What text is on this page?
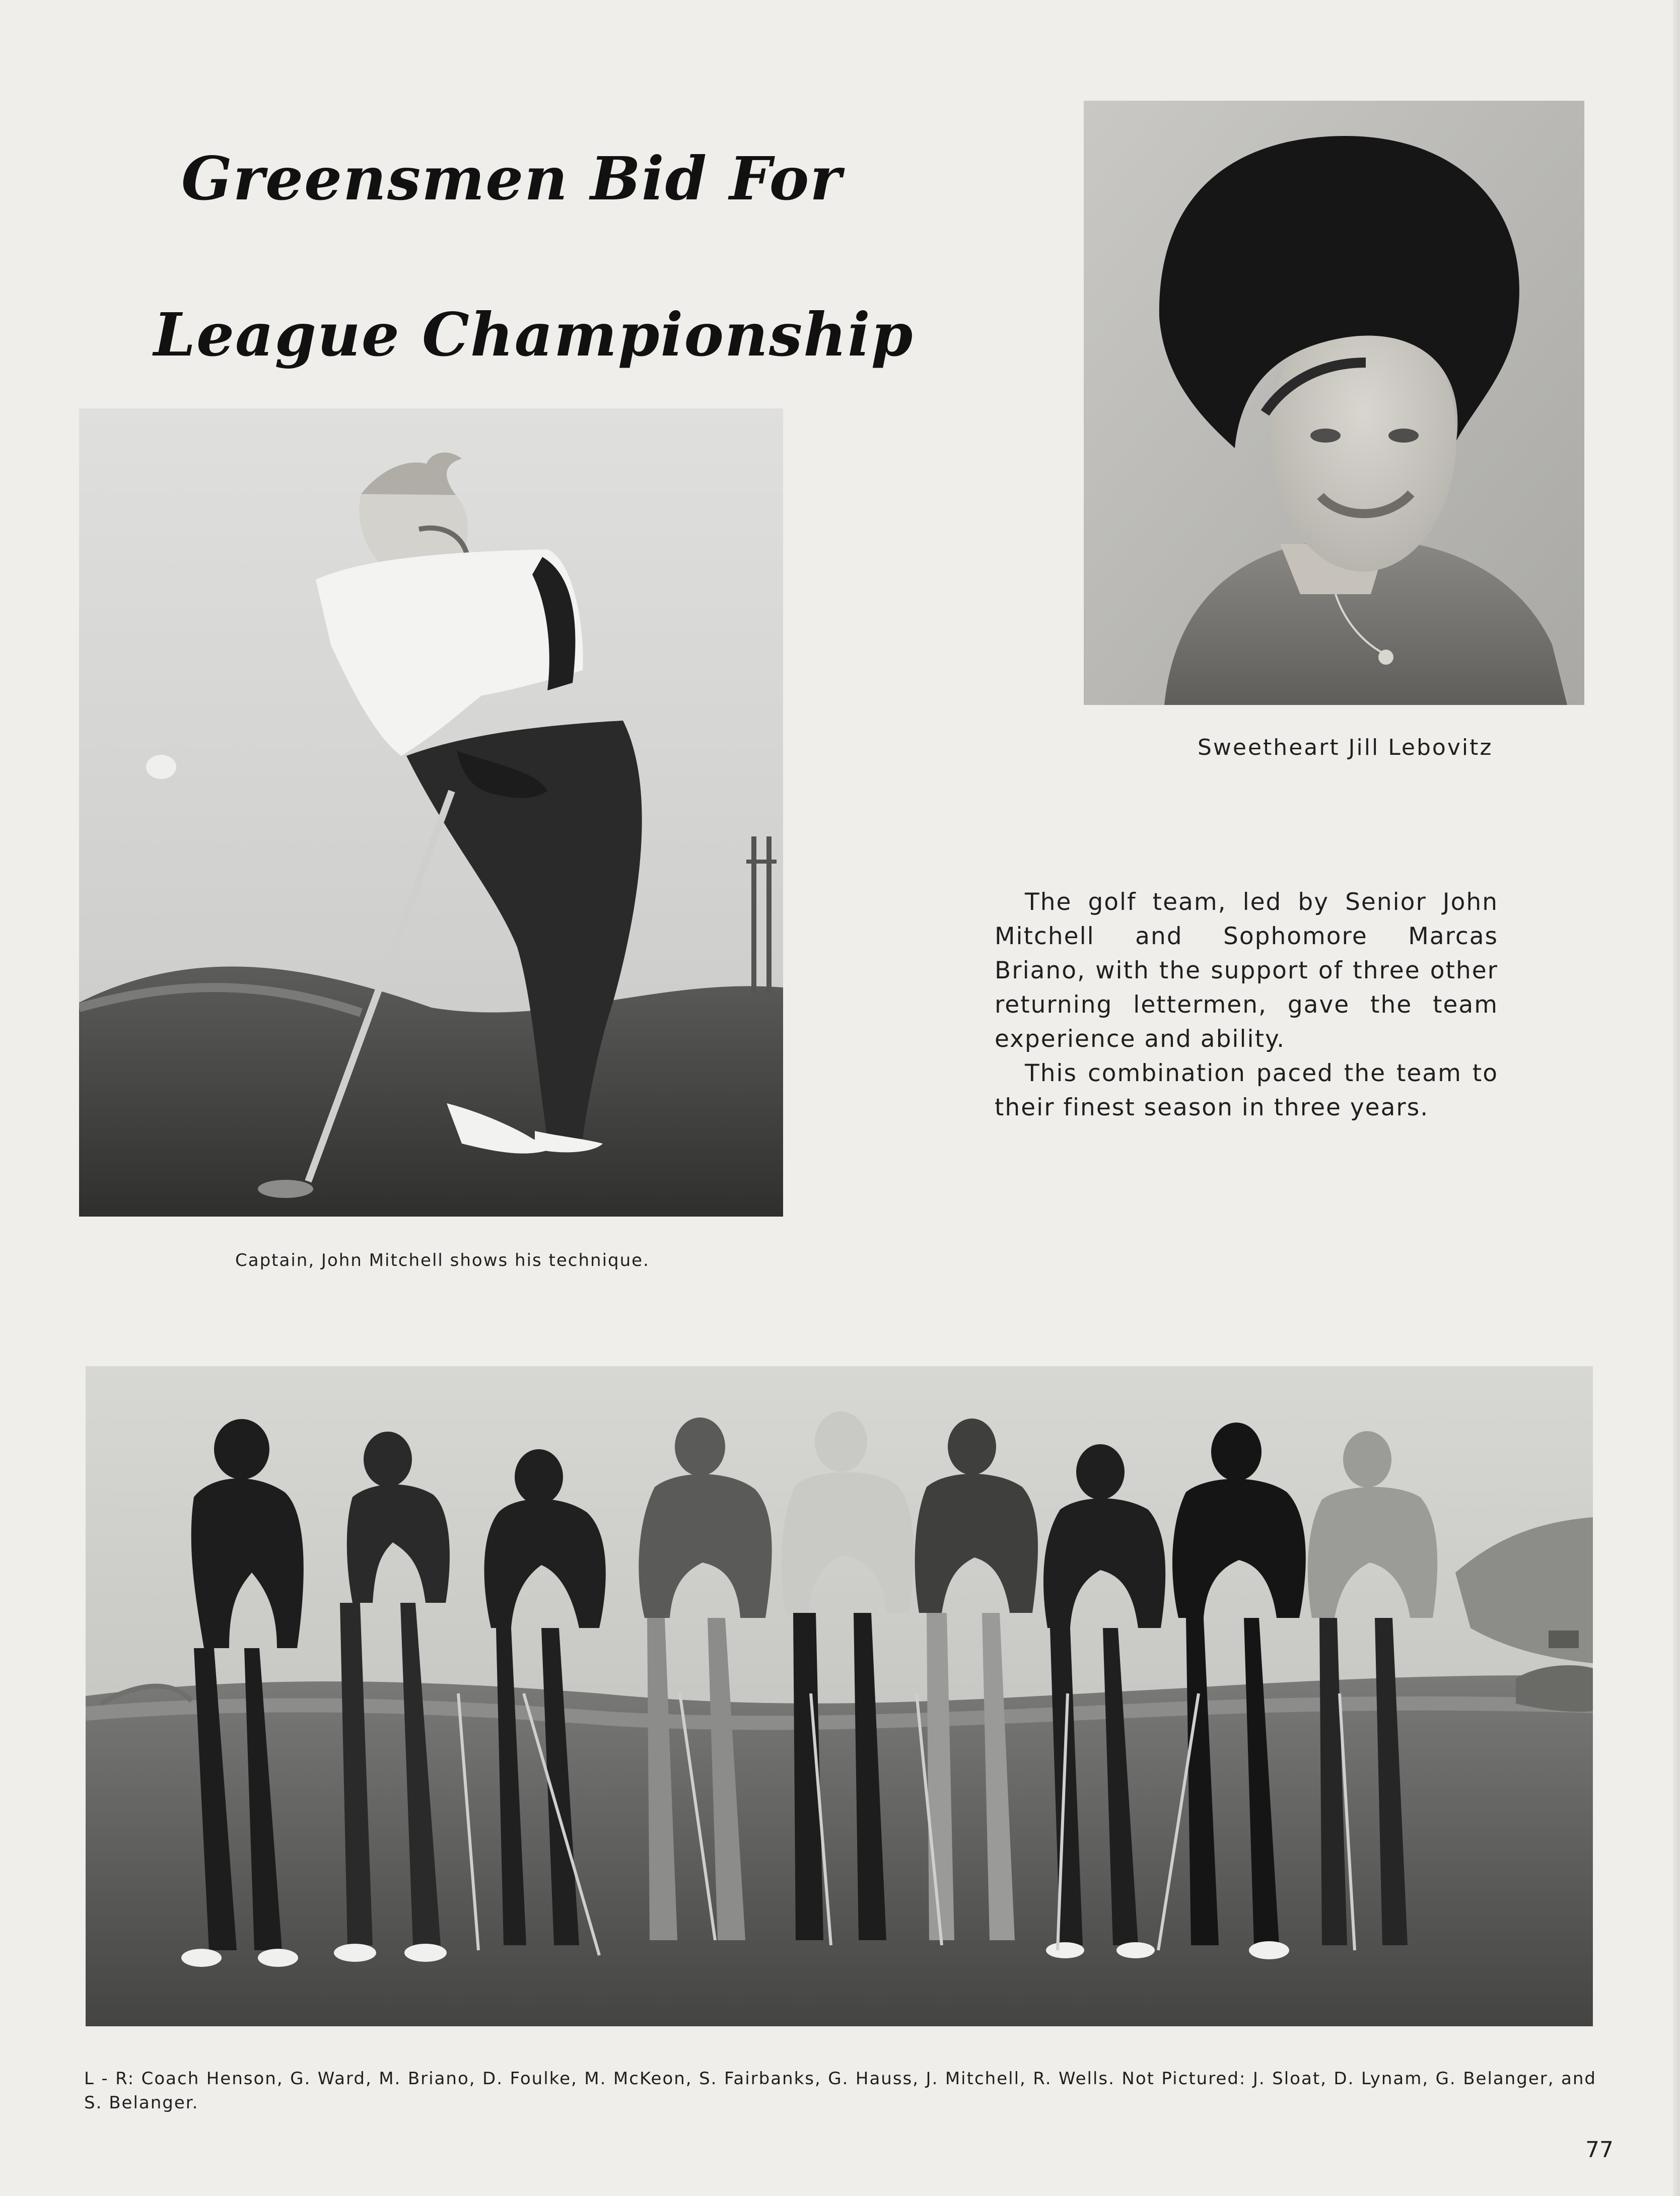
Greensmen Bid For
League Championship

Sweetheart Jill Lebovitz

Captain, John Mitchell shows his technique.

The golf team, led by Senior John Mitchell and Sophomore Marcas Briano, with the support of three other returning lettermen, gave the team experience and ability.

This combination paced the team to their finest season in three years.

L - R: Coach Henson, G. Ward, M. Briano, D. Foulke, M. McKeon, S. Fairbanks, G. Hauss, J. Mitchell, R. Wells. Not Pictured: J. Sloat, D. Lynam, G. Belanger, and S. Belanger.

77
